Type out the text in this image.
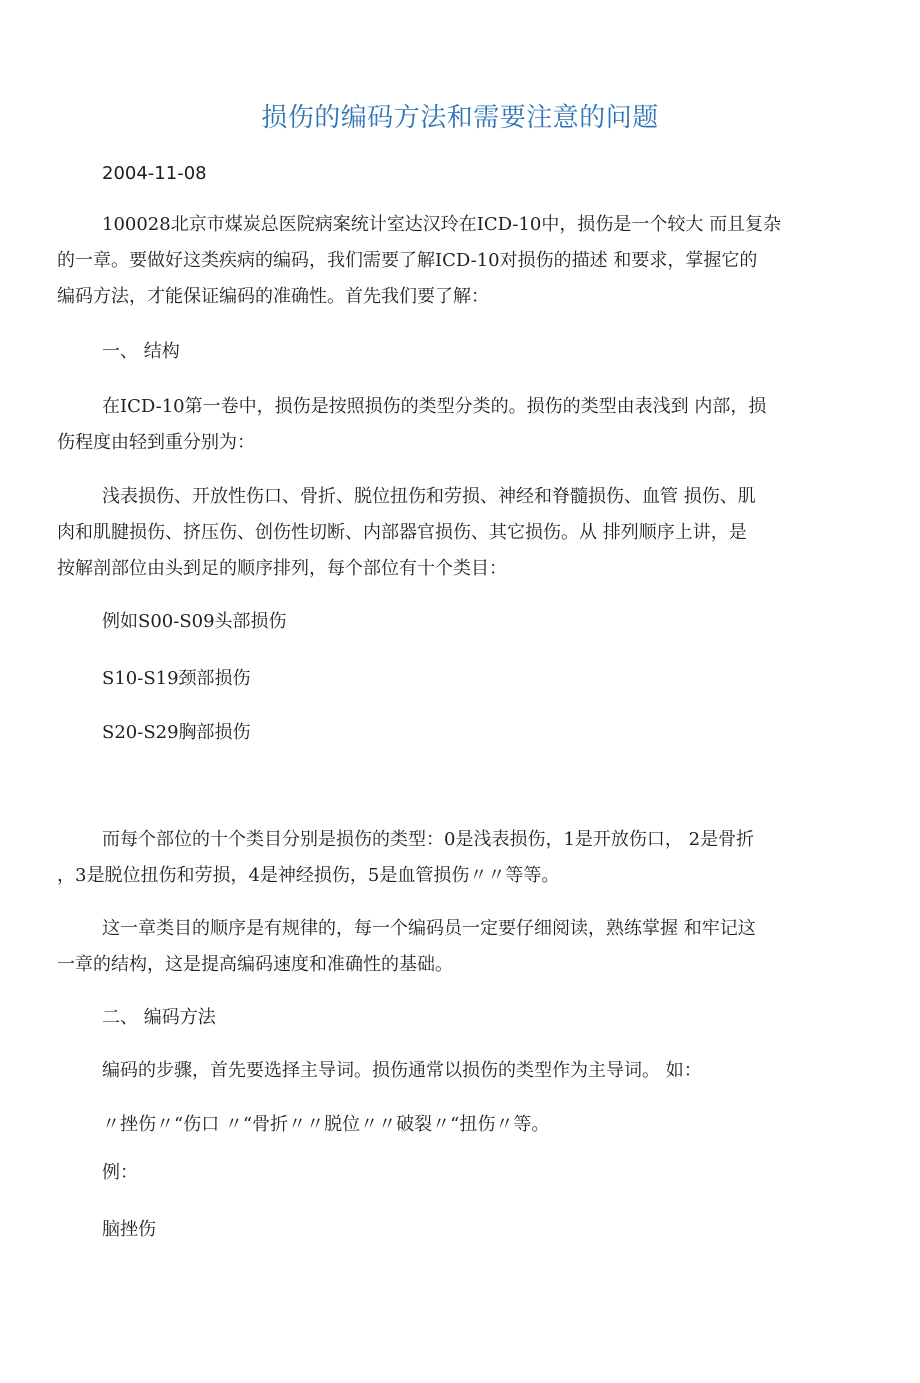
损伤的编码方法和需要注意的问题
2004-11-08
100028北京市煤炭总医院病案统计室达汉玲在ICD-10中，损伤是一个较大 而且复杂
的一章。要做好这类疾病的编码，我们需要了解ICD-10对损伤的描述 和要求，掌握它的
编码方法，才能保证编码的准确性。首先我们要了解：
一、 结构
在ICD-10第一卷中，损伤是按照损伤的类型分类的。损伤的类型由表浅到 内部，损
伤程度由轻到重分别为：
浅表损伤、开放性伤口、骨折、脱位扭伤和劳损、神经和脊髓损伤、血管 损伤、肌
肉和肌腱损伤、挤压伤、创伤性切断、内部器官损伤、其它损伤。从 排列顺序上讲，是
按解剖部位由头到足的顺序排列，每个部位有十个类目：
例如S00-S09头部损伤
S10-S19颈部损伤
S20-S29胸部损伤
而每个部位的十个类目分别是损伤的类型：0是浅表损伤，1是开放伤口， 2是骨折
，3是脱位扭伤和劳损，4是神经损伤，5是血管损伤〃〃等等。
这一章类目的顺序是有规律的，每一个编码员一定要仔细阅读，熟练掌握 和牢记这
一章的结构，这是提高编码速度和准确性的基础。
二、 编码方法
编码的步骤，首先要选择主导词。损伤通常以损伤的类型作为主导词。 如：
〃挫伤〃“伤口 〃“骨折〃〃脱位〃〃破裂〃“扭伤〃等。
例：
脑挫伤
